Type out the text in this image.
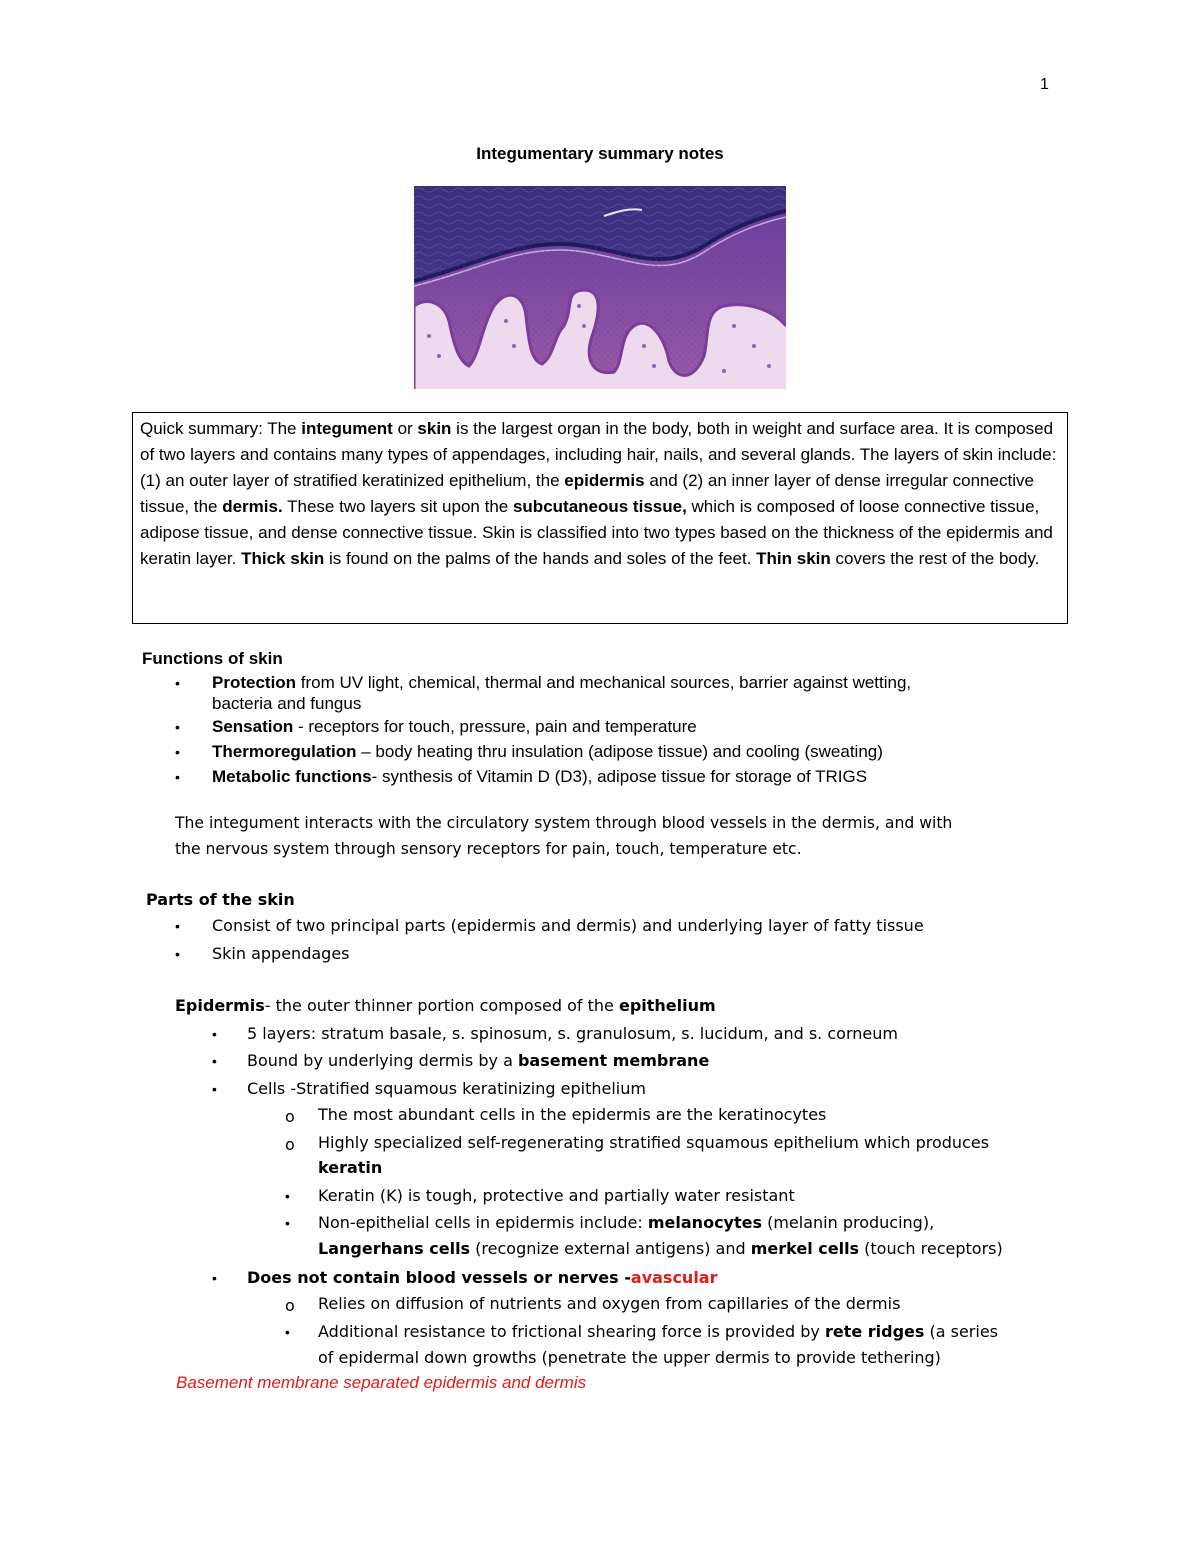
1
Integumentary summary notes
Quick summary: The integument or skin is the largest organ in the body, both in weight and surface area. It is composed of two layers and contains many types of appendages, including hair, nails, and several glands. The layers of skin include: (1) an outer layer of stratified keratinized epithelium, the epidermis and (2) an inner layer of dense irregular connective tissue, the dermis. These two layers sit upon the subcutaneous tissue, which is composed of loose connective tissue, adipose tissue, and dense connective tissue. Skin is classified into two types based on the thickness of the epidermis and keratin layer. Thick skin is found on the palms of the hands and soles of the feet. Thin skin covers the rest of the body.
Functions of skin
• Protection from UV light, chemical, thermal and mechanical sources, barrier against wetting,
bacteria and fungus
• Sensation - receptors for touch, pressure, pain and temperature
• Thermoregulation – body heating thru insulation (adipose tissue) and cooling (sweating)
• Metabolic functions- synthesis of Vitamin D (D3), adipose tissue for storage of TRIGS
The integument interacts with the circulatory system through blood vessels in the dermis, and with
the nervous system through sensory receptors for pain, touch, temperature etc.
Parts of the skin
• Consist of two principal parts (epidermis and dermis) and underlying layer of fatty tissue
• Skin appendages
Epidermis- the outer thinner portion composed of the epithelium
• 5 layers: stratum basale, s. spinosum, s. granulosum, s. lucidum, and s. corneum
• Bound by underlying dermis by a basement membrane
• Cells -Stratified squamous keratinizing epithelium
o The most abundant cells in the epidermis are the keratinocytes
o Highly specialized self-regenerating stratified squamous epithelium which produces
keratin
• Keratin (K) is tough, protective and partially water resistant
• Non-epithelial cells in epidermis include: melanocytes (melanin producing),
Langerhans cells (recognize external antigens) and merkel cells (touch receptors)
• Does not contain blood vessels or nerves -avascular
o Relies on diffusion of nutrients and oxygen from capillaries of the dermis
• Additional resistance to frictional shearing force is provided by rete ridges (a series
of epidermal down growths (penetrate the upper dermis to provide tethering)
Basement membrane separated epidermis and dermis
